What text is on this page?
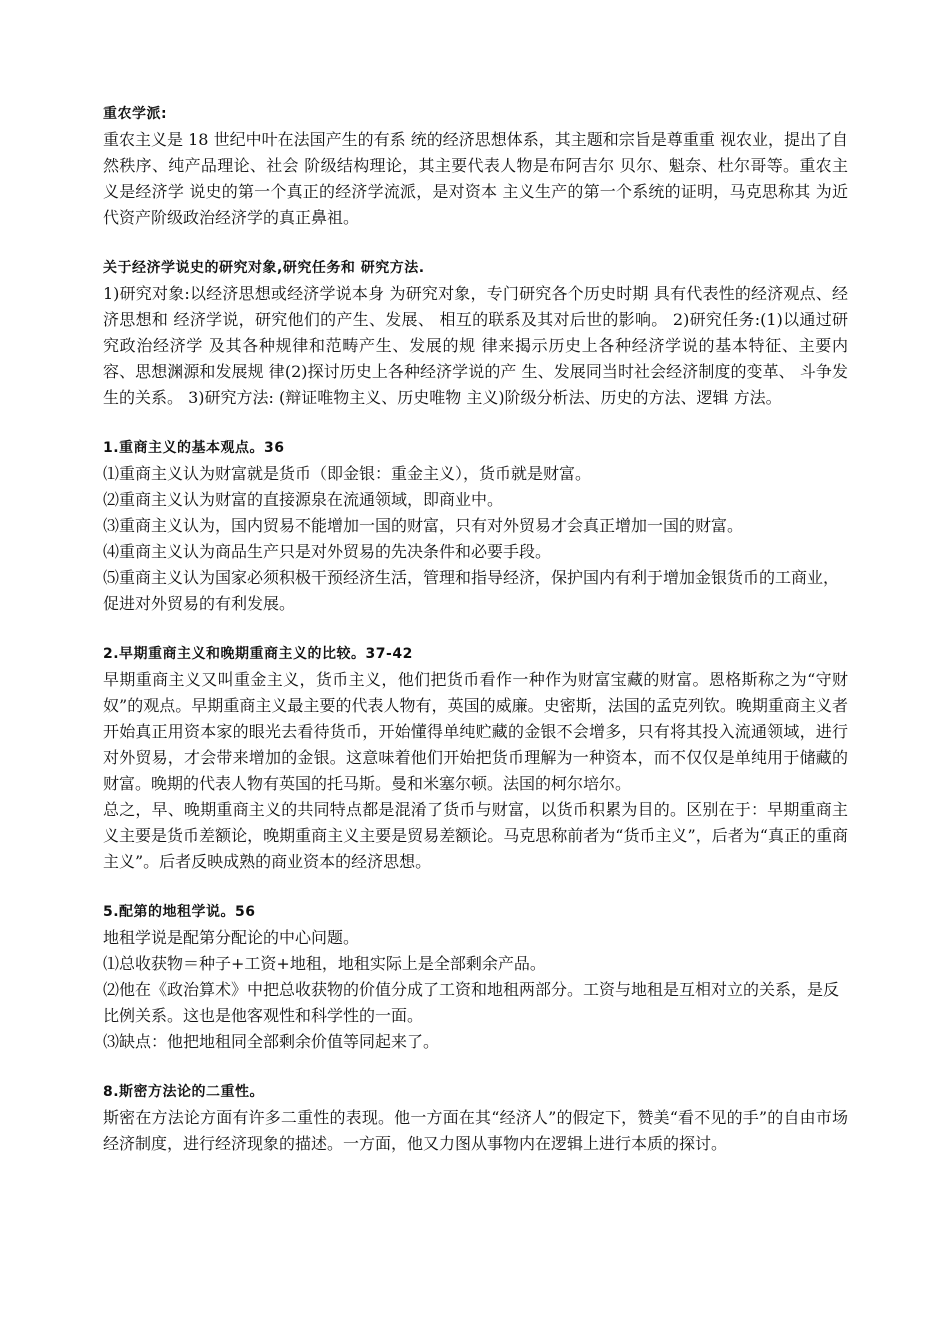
重农学派:

重农主义是 18 世纪中叶在法国产生的有系 统的经济思想体系，其主题和宗旨是尊重重 视农业，提出了自然秩序、纯产品理论、社会 阶级结构理论，其主要代表人物是布阿吉尔 贝尔、魁奈、杜尔哥等。重农主义是经济学 说史的第一个真正的经济学流派，是对资本 主义生产的第一个系统的证明，马克思称其 为近代资产阶级政治经济学的真正鼻祖。

关于经济学说史的研究对象,研究任务和 研究方法.

1)研究对象:以经济思想或经济学说本身 为研究对象，专门研究各个历史时期 具有代表性的经济观点、经济思想和 经济学说，研究他们的产生、发展、 相互的联系及其对后世的影响。 2)研究任务:(1)以通过研究政治经济学 及其各种规律和范畴产生、发展的规 律来揭示历史上各种经济学说的基本特征、主要内容、思想渊源和发展规 律(2)探讨历史上各种经济学说的产 生、发展同当时社会经济制度的变革、 斗争发生的关系。 3)研究方法: (辩证唯物主义、历史唯物 主义)阶级分析法、历史的方法、逻辑 方法。

1.重商主义的基本观点。36

⑴重商主义认为财富就是货币（即金银：重金主义），货币就是财富。

⑵重商主义认为财富的直接源泉在流通领域，即商业中。

⑶重商主义认为，国内贸易不能增加一国的财富，只有对外贸易才会真正增加一国的财富。

⑷重商主义认为商品生产只是对外贸易的先决条件和必要手段。

⑸重商主义认为国家必须积极干预经济生活，管理和指导经济，保护国内有利于增加金银货币的工商业，促进对外贸易的有利发展。

2.早期重商主义和晚期重商主义的比较。37-42

早期重商主义又叫重金主义，货币主义，他们把货币看作一种作为财富宝藏的财富。恩格斯称之为“守财奴”的观点。早期重商主义最主要的代表人物有，英国的威廉。史密斯，法国的孟克列钦。晚期重商主义者开始真正用资本家的眼光去看待货币，开始懂得单纯贮藏的金银不会增多，只有将其投入流通领域，进行对外贸易，才会带来增加的金银。这意味着他们开始把货币理解为一种资本，而不仅仅是单纯用于储藏的财富。晚期的代表人物有英国的托马斯。曼和米塞尔顿。法国的柯尔培尔。

总之，早、晚期重商主义的共同特点都是混淆了货币与财富，以货币积累为目的。区别在于：早期重商主义主要是货币差额论，晚期重商主义主要是贸易差额论。马克思称前者为“货币主义”，后者为“真正的重商主义”。后者反映成熟的商业资本的经济思想。

5.配第的地租学说。56

地租学说是配第分配论的中心问题。

⑴总收获物＝种子+工资+地租，地租实际上是全部剩余产品。

⑵他在《政治算术》中把总收获物的价值分成了工资和地租两部分。工资与地租是互相对立的关系，是反比例关系。这也是他客观性和科学性的一面。

⑶缺点：他把地租同全部剩余价值等同起来了。

8.斯密方法论的二重性。

斯密在方法论方面有许多二重性的表现。他一方面在其“经济人”的假定下，赞美“看不见的手”的自由市场经济制度，进行经济现象的描述。一方面，他又力图从事物内在逻辑上进行本质的探讨。
